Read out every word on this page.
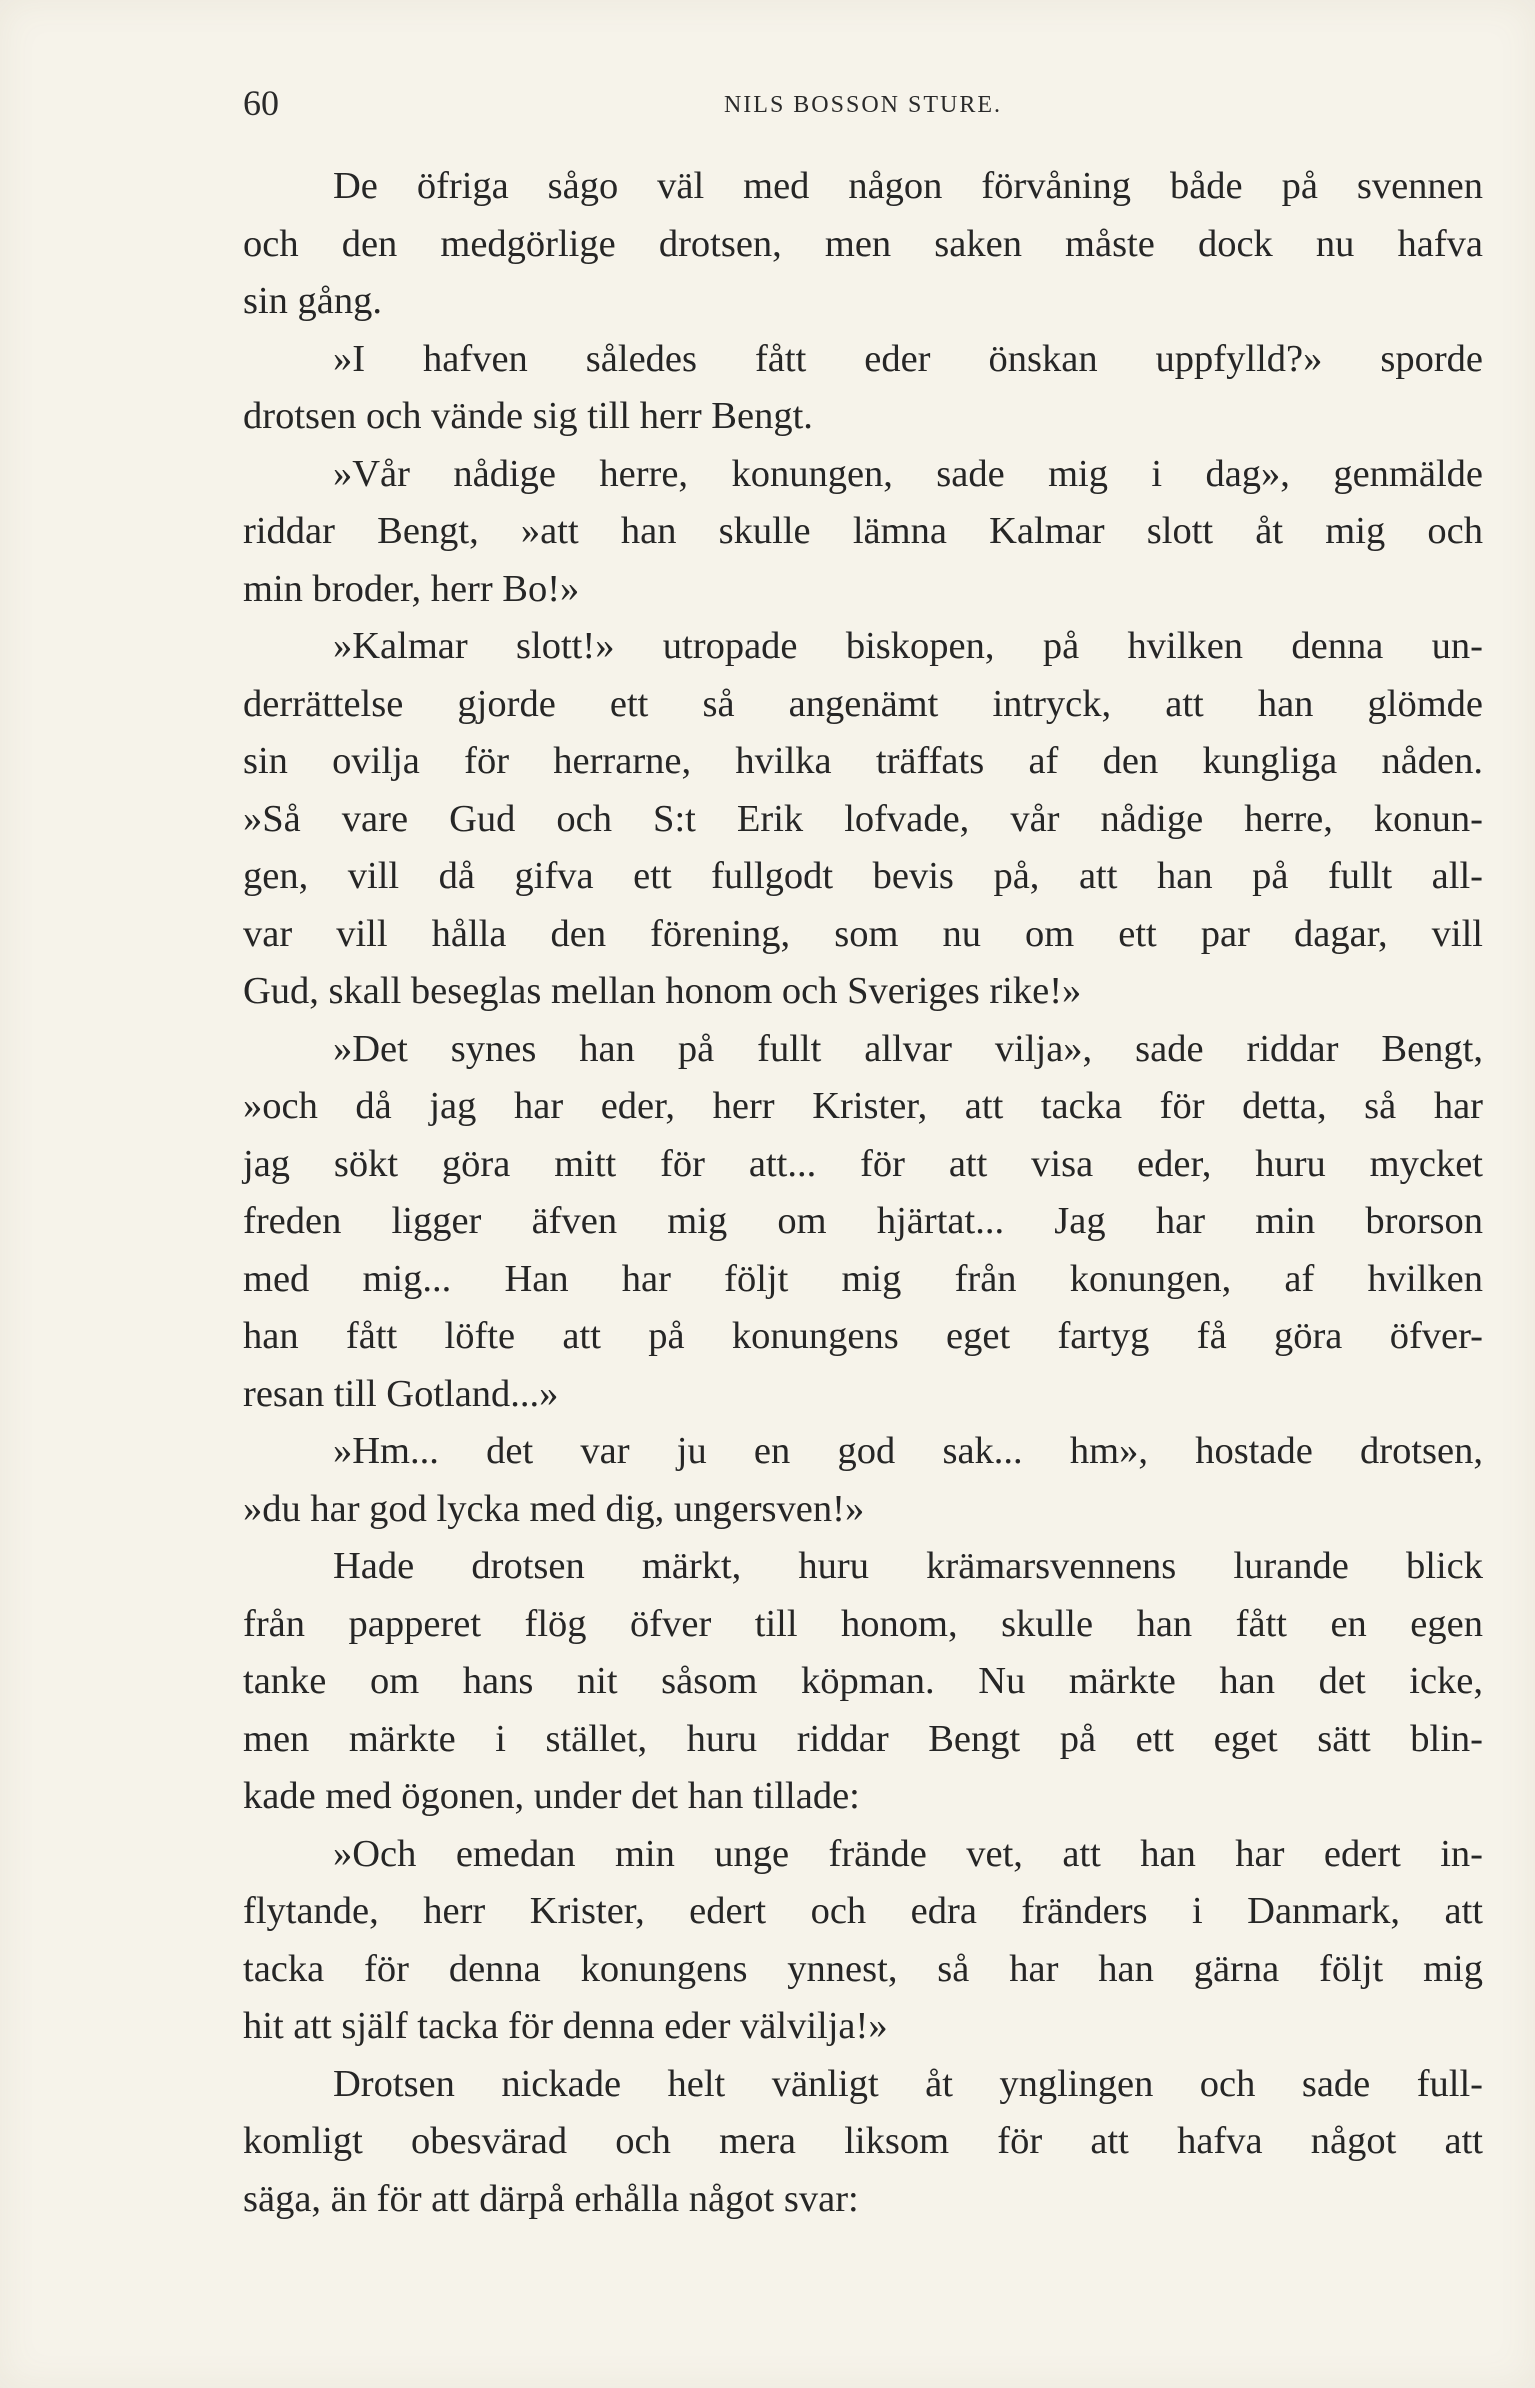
60	NILS BOSSON STURE.
De öfriga sågo väl med någon förvåning både på svennen
och den medgörlige drotsen, men saken måste dock nu hafva
sin gång.
»I hafven således fått eder önskan uppfylld?» sporde
drotsen och vände sig till herr Bengt.
»Vår nådige herre, konungen, sade mig i dag», genmälde
riddar Bengt, »att han skulle lämna Kalmar slott åt mig och
min broder, herr Bo!»
»Kalmar slott!» utropade biskopen, på hvilken denna un-
derrättelse gjorde ett så angenämt intryck, att han glömde
sin ovilja för herrarne, hvilka träffats af den kungliga nåden.
»Så vare Gud och S:t Erik lofvade, vår nådige herre, konun-
gen, vill då gifva ett fullgodt bevis på, att han på fullt all-
var vill hålla den förening, som nu om ett par dagar, vill
Gud, skall beseglas mellan honom och Sveriges rike!»
»Det synes han på fullt allvar vilja», sade riddar Bengt,
»och då jag har eder, herr Krister, att tacka för detta, så har
jag sökt göra mitt för att... för att visa eder, huru mycket
freden ligger äfven mig om hjärtat... Jag har min brorson
med mig... Han har följt mig från konungen, af hvilken
han fått löfte att på konungens eget fartyg få göra öfver-
resan till Gotland...»
»Hm... det var ju en god sak... hm», hostade drotsen,
»du har god lycka med dig, ungersven!»
Hade drotsen märkt, huru krämarsvennens lurande blick
från papperet flög öfver till honom, skulle han fått en egen
tanke om hans nit såsom köpman. Nu märkte han det icke,
men märkte i stället, huru riddar Bengt på ett eget sätt blin-
kade med ögonen, under det han tillade:
»Och emedan min unge frände vet, att han har edert in-
flytande, herr Krister, edert och edra fränders i Danmark, att
tacka för denna konungens ynnest, så har han gärna följt mig
hit att själf tacka för denna eder välvilja!»
Drotsen nickade helt vänligt åt ynglingen och sade full-
komligt obesvärad och mera liksom för att hafva något att
säga, än för att därpå erhålla något svar:
